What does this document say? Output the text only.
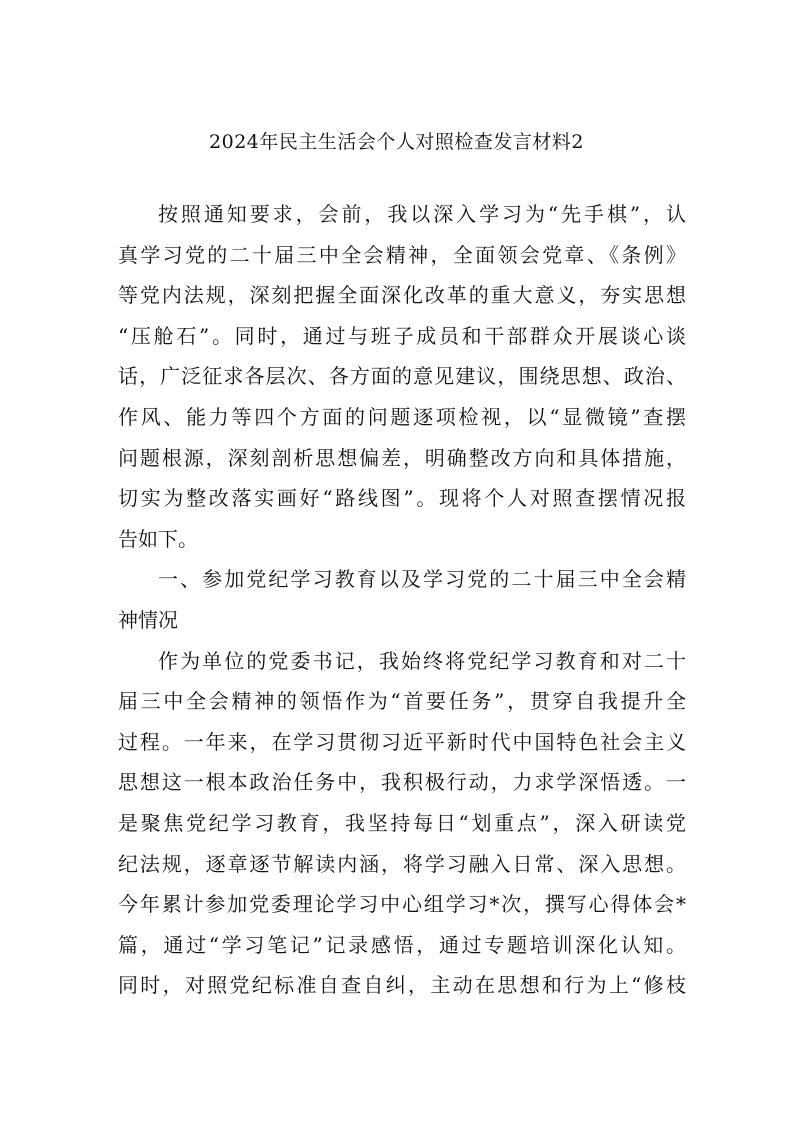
2024年民主生活会个人对照检查发言材料2
按照通知要求，会前，我以深入学习为“先手棋”，认
真学习党的二十届三中全会精神，全面领会党章、《条例》
等党内法规，深刻把握全面深化改革的重大意义，夯实思想
“压舱石”。同时，通过与班子成员和干部群众开展谈心谈
话，广泛征求各层次、各方面的意见建议，围绕思想、政治、
作风、能力等四个方面的问题逐项检视，以“显微镜”查摆
问题根源，深刻剖析思想偏差，明确整改方向和具体措施，
切实为整改落实画好“路线图”。现将个人对照查摆情况报
告如下。
一、参加党纪学习教育以及学习党的二十届三中全会精
神情况
作为单位的党委书记，我始终将党纪学习教育和对二十
届三中全会精神的领悟作为“首要任务”，贯穿自我提升全
过程。一年来，在学习贯彻习近平新时代中国特色社会主义
思想这一根本政治任务中，我积极行动，力求学深悟透。一
是聚焦党纪学习教育，我坚持每日“划重点”，深入研读党
纪法规，逐章逐节解读内涵，将学习融入日常、深入思想。
今年累计参加党委理论学习中心组学习*次，撰写心得体会*
篇，通过“学习笔记”记录感悟，通过专题培训深化认知。
同时，对照党纪标准自查自纠，主动在思想和行为上“修枝
